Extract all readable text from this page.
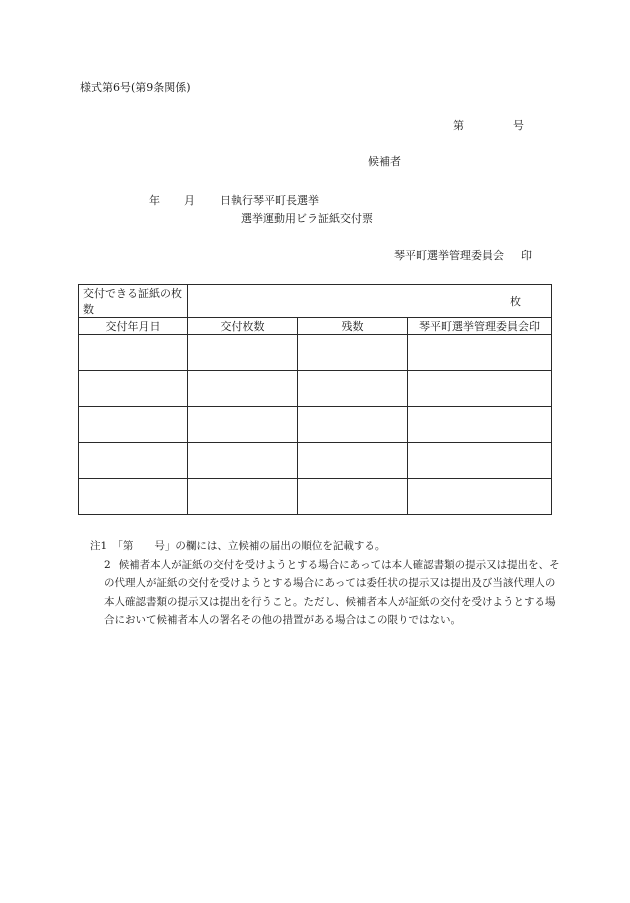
様式第6号(第9条関係)
第	号
候補者
年 月 日執行琴平町長選挙
選挙運動用ビラ証紙交付票
琴平町選挙管理委員会 印
交付できる証紙の枚数	枚		
交付年月日	交付枚数	残数	琴平町選挙管理委員会印

注1　「第　　号」の欄には、立候補の届出の順位を記載する。
2 候補者本人が証紙の交付を受けようとする場合にあっては本人確認書類の提示又は提出を、その代理人が証紙の交付を受けようとする場合にあっては委任状の提示又は提出及び当該代理人の本人確認書類の提示又は提出を行うこと。ただし、候補者本人が証紙の交付を受けようとする場合において候補者本人の署名その他の措置がある場合はこの限りではない。
